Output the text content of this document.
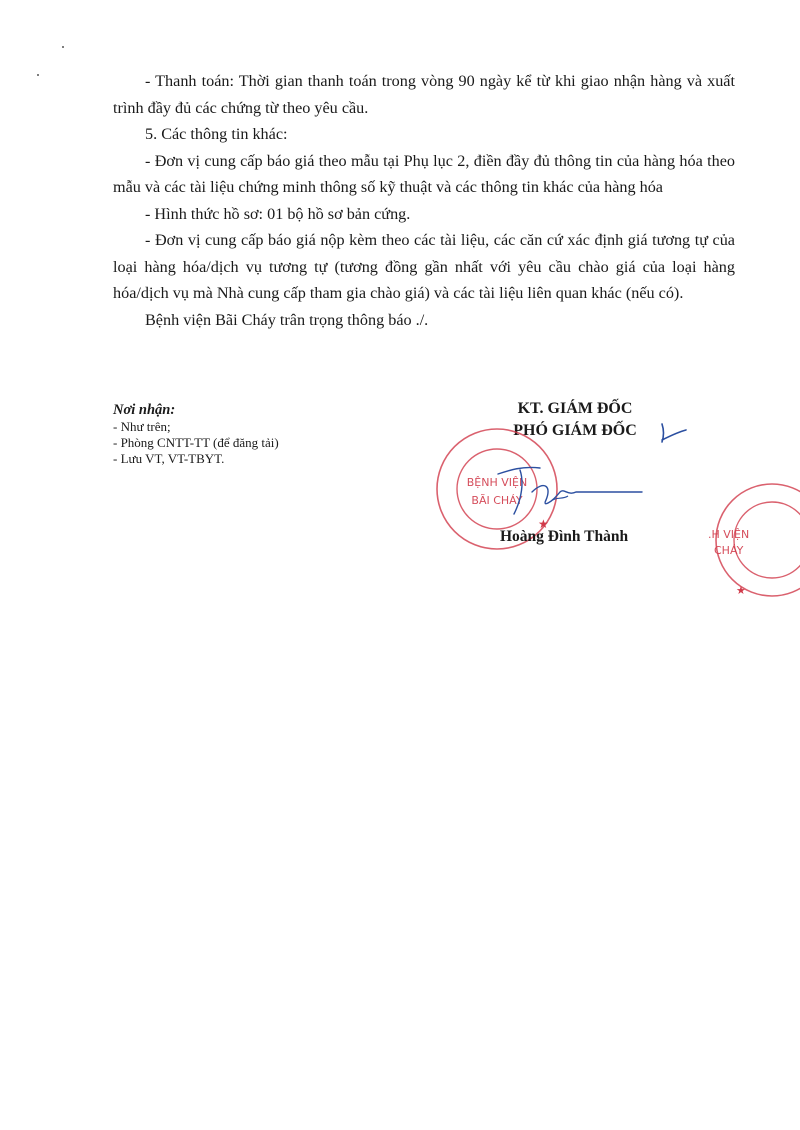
- Thanh toán: Thời gian thanh toán trong vòng 90 ngày kể từ khi giao nhận hàng và xuất trình đầy đủ các chứng từ theo yêu cầu.

5. Các thông tin khác:

- Đơn vị cung cấp báo giá theo mẫu tại Phụ lục 2, điền đầy đủ thông tin của hàng hóa theo mẫu và các tài liệu chứng minh thông số kỹ thuật và các thông tin khác của hàng hóa

- Hình thức hồ sơ: 01 bộ hồ sơ bản cứng.

- Đơn vị cung cấp báo giá nộp kèm theo các tài liệu, các căn cứ xác định giá tương tự của loại hàng hóa/dịch vụ tương tự (tương đồng gần nhất với yêu cầu chào giá của loại hàng hóa/dịch vụ mà Nhà cung cấp tham gia chào giá) và các tài liệu liên quan khác (nếu có).

Bệnh viện Bãi Cháy trân trọng thông báo ./.

Nơi nhận:
- Như trên;
- Phòng CNTT-TT (để đăng tải)
- Lưu VT, VT-TBYT.
KT. GIÁM ĐỐC
PHÓ GIÁM ĐỐC
BỆNH VIỆN
BÃI CHÁY
★
Hoàng Đình Thành	.H VIỆN
CHÁY
★
